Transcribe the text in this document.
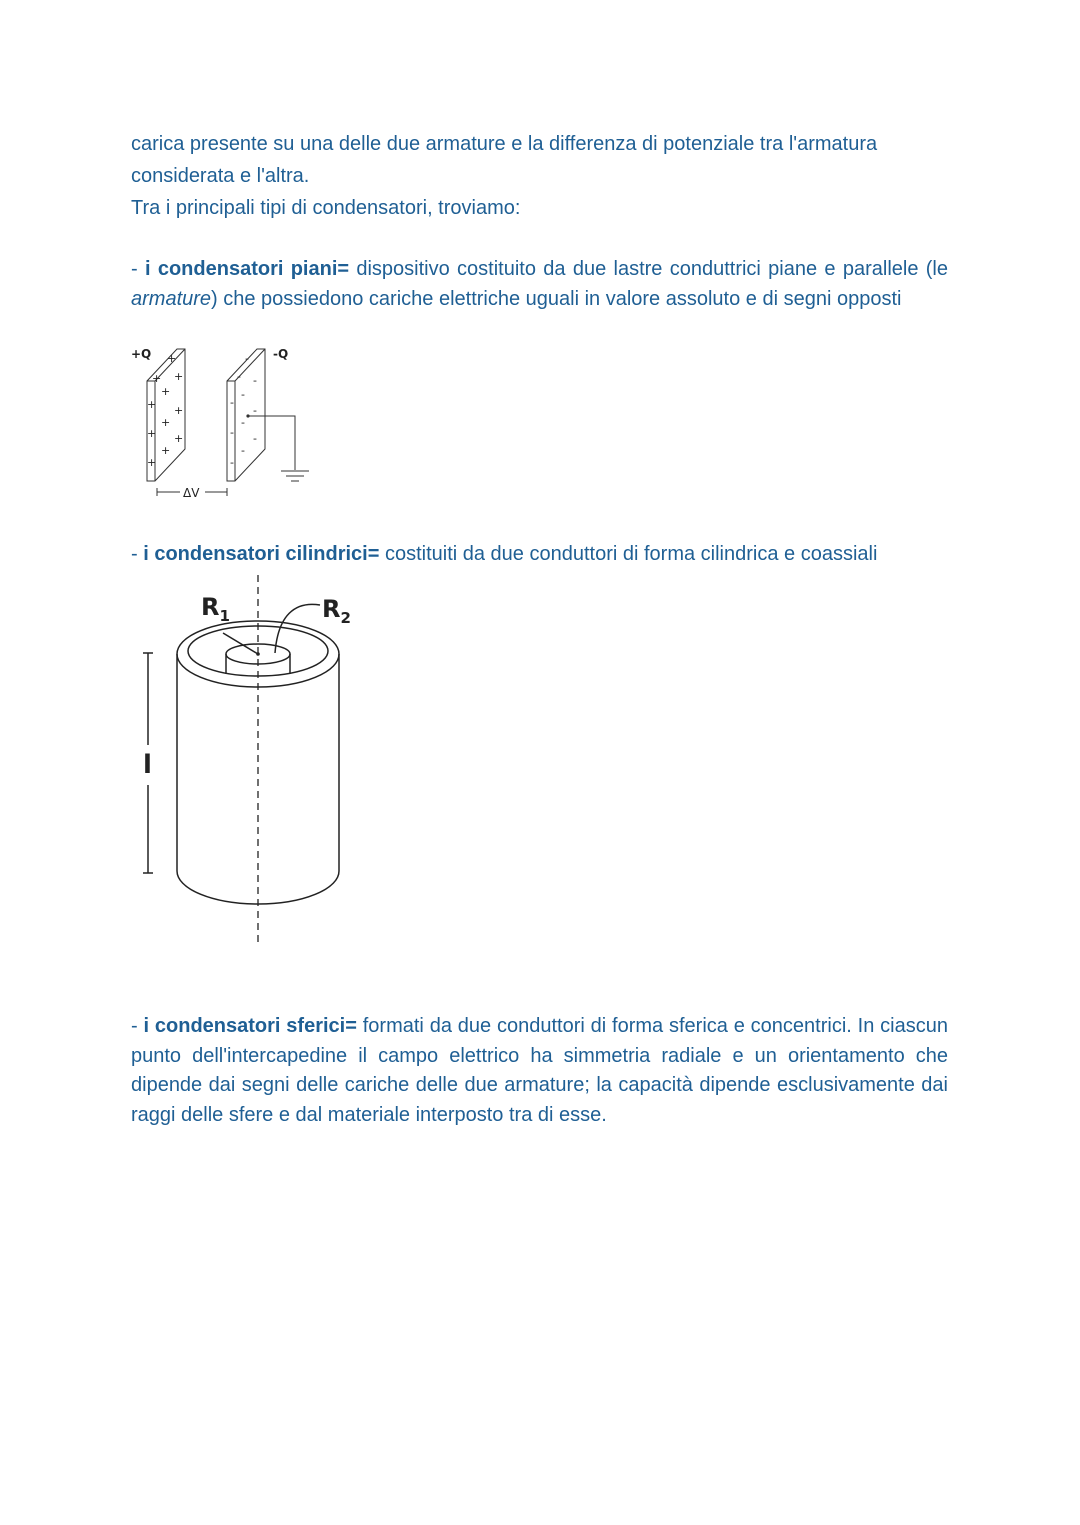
carica presente su una delle due armature e la differenza di potenziale tra l'armatura

considerata e l'altra.

Tra i principali tipi di condensatori, troviamo:

- i condensatori piani= dispositivo costituito da due lastre conduttrici piane e parallele (le armature) che possiedono cariche elettriche uguali in valore assoluto e di segni opposti

+Q	-Q
ΔV
+
+ +
+
+ +
+
+ +
+
+
-
- -
-
-
-
-
- -
-
-

- i condensatori cilindrici= costituiti da due conduttori di forma cilindrica e coassiali

$R_1$	$R_2$
l

- i condensatori sferici= formati da due conduttori di forma sferica e concentrici. In ciascun punto dell'intercapedine il campo elettrico ha simmetria radiale e un orientamento che dipende dai segni delle cariche delle due armature; la capacità dipende esclusivamente dai raggi delle sfere e dal materiale interposto tra di esse.
